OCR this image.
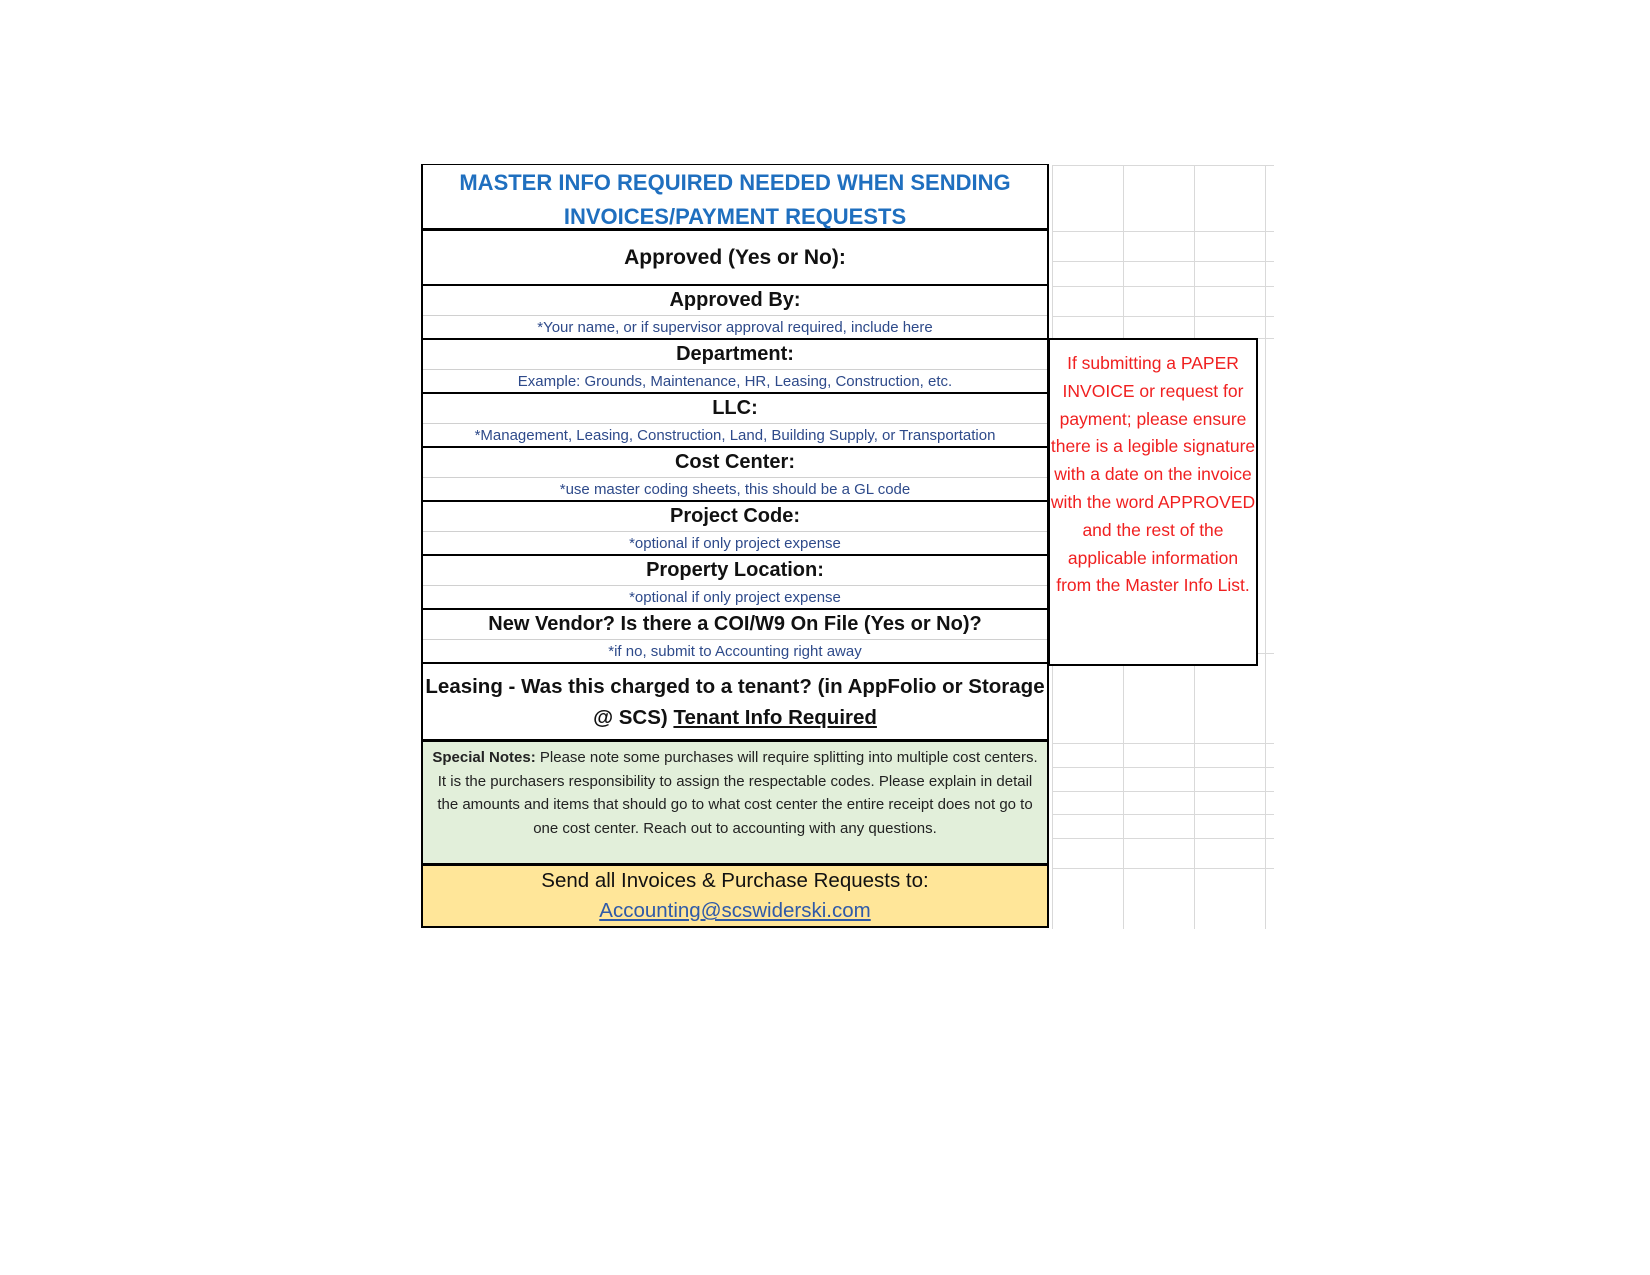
MASTER INFO REQUIRED NEEDED WHEN SENDING
INVOICES/PAYMENT REQUESTS
Approved (Yes or No):
Approved By:
*Your name, or if supervisor approval required, include here
Department:
Example: Grounds, Maintenance, HR, Leasing, Construction, etc.
LLC:
*Management, Leasing, Construction, Land, Building Supply, or Transportation
Cost Center:
*use master coding sheets, this should be a GL code
Project Code:
*optional if only project expense
Property Location:
*optional if only project expense
New Vendor? Is there a COI/W9 On File (Yes or No)?
*if no, submit to Accounting right away
Leasing - Was this charged to a tenant? (in AppFolio or Storage
@ SCS) Tenant Info Required
Special Notes: Please note some purchases will require splitting into multiple cost centers. It is the purchasers responsibility to assign the respectable codes. Please explain in detail the amounts and items that should go to what cost center the entire receipt does not go to one cost center. Reach out to accounting with any questions.
Send all Invoices & Purchase Requests to:
Accounting@scswiderski.com
If submitting a PAPER INVOICE or request for payment; please ensure there is a legible signature with a date on the invoice with the word APPROVED and the rest of the applicable information from the Master Info List.
